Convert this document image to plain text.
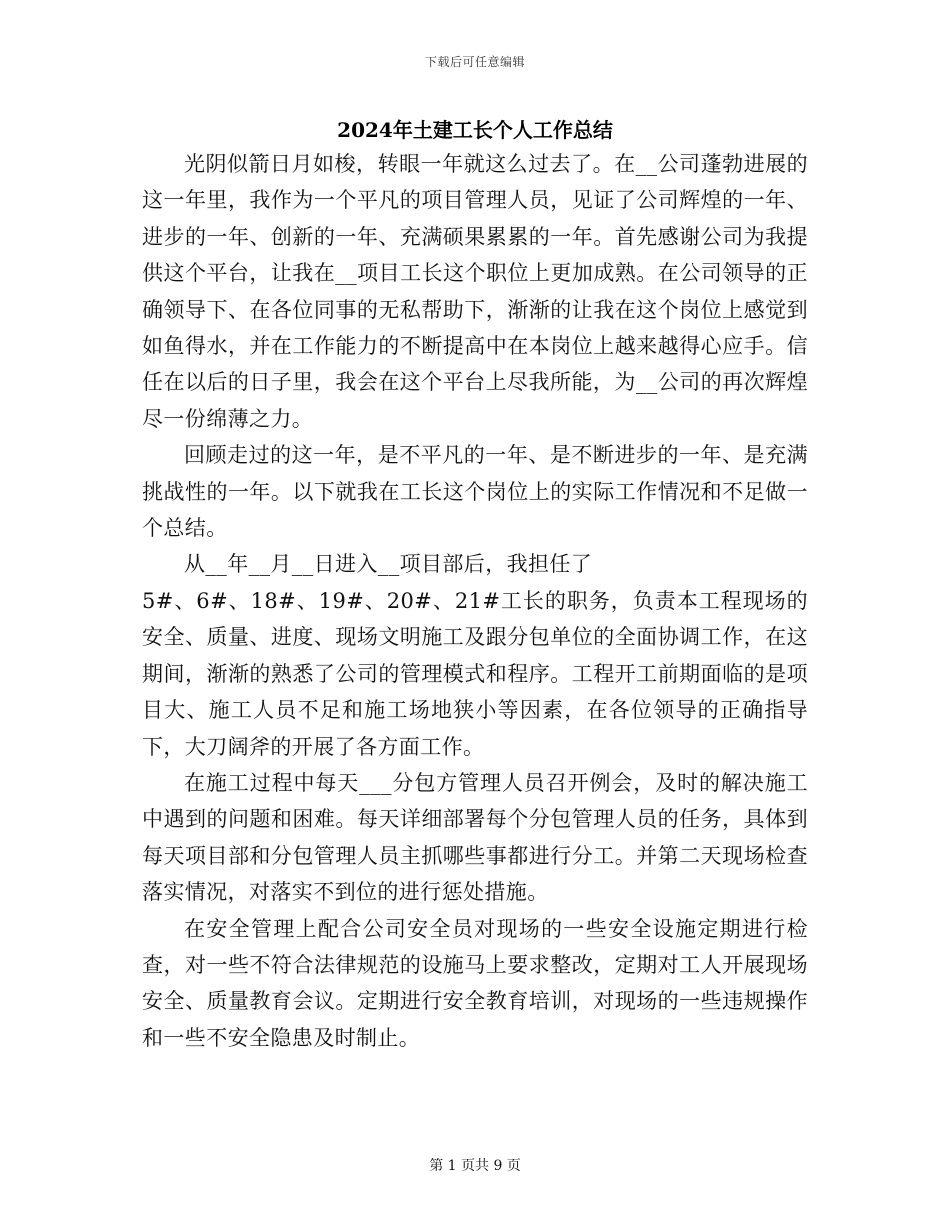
下载后可任意编辑
2024年土建工长个人工作总结

光阴似箭日月如梭，转眼一年就这么过去了。在__公司蓬勃进展的这一年里，我作为一个平凡的项目管理人员，见证了公司辉煌的一年、进步的一年、创新的一年、充满硕果累累的一年。首先感谢公司为我提供这个平台，让我在__项目工长这个职位上更加成熟。在公司领导的正确领导下、在各位同事的无私帮助下，渐渐的让我在这个岗位上感觉到如鱼得水，并在工作能力的不断提高中在本岗位上越来越得心应手。信任在以后的日子里，我会在这个平台上尽我所能，为__公司的再次辉煌尽一份绵薄之力。

回顾走过的这一年，是不平凡的一年、是不断进步的一年、是充满挑战性的一年。以下就我在工长这个岗位上的实际工作情况和不足做一个总结。

从__年__月__日进入__项目部后，我担任了

5#、6#、18#、19#、20#、21#工长的职务，负责本工程现场的安全、质量、进度、现场文明施工及跟分包单位的全面协调工作，在这期间，渐渐的熟悉了公司的管理模式和程序。工程开工前期面临的是项目大、施工人员不足和施工场地狭小等因素，在各位领导的正确指导下，大刀阔斧的开展了各方面工作。

在施工过程中每天___分包方管理人员召开例会，及时的解决施工中遇到的问题和困难。每天详细部署每个分包管理人员的任务，具体到每天项目部和分包管理人员主抓哪些事都进行分工。并第二天现场检查落实情况，对落实不到位的进行惩处措施。

在安全管理上配合公司安全员对现场的一些安全设施定期进行检查，对一些不符合法律规范的设施马上要求整改，定期对工人开展现场安全、质量教育会议。定期进行安全教育培训，对现场的一些违规操作和一些不安全隐患及时制止。

第 1 页共 9 页
